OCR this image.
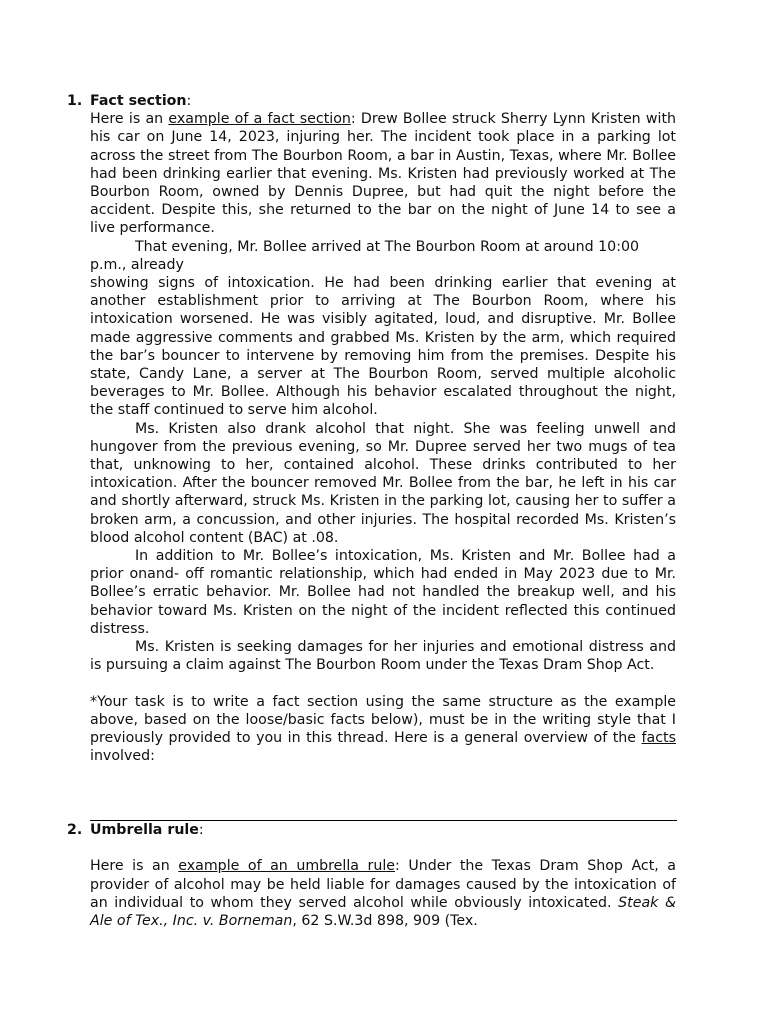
1. Fact section:

Here is an example of a fact section: Drew Bollee struck Sherry Lynn Kristen with his car on June 14, 2023, injuring her. The incident took place in a parking lot across the street from The Bourbon Room, a bar in Austin, Texas, where Mr. Bollee had been drinking earlier that evening. Ms. Kristen had previously worked at The Bourbon Room, owned by Dennis Dupree, but had quit the night before the accident. Despite this, she returned to the bar on the night of June 14 to see a live performance.

That evening, Mr. Bollee arrived at The Bourbon Room at around 10:00 p.m., already

showing signs of intoxication. He had been drinking earlier that evening at another establishment prior to arriving at The Bourbon Room, where his intoxication worsened. He was visibly agitated, loud, and disruptive. Mr. Bollee made aggressive comments and grabbed Ms. Kristen by the arm, which required the bar’s bouncer to intervene by removing him from the premises. Despite his state, Candy Lane, a server at The Bourbon Room, served multiple alcoholic beverages to Mr. Bollee. Although his behavior escalated throughout the night, the staff continued to serve him alcohol.

Ms. Kristen also drank alcohol that night. She was feeling unwell and hungover from the previous evening, so Mr. Dupree served her two mugs of tea that, unknowing to her, contained alcohol. These drinks contributed to her intoxication. After the bouncer removed Mr. Bollee from the bar, he left in his car and shortly afterward, struck Ms. Kristen in the parking lot, causing her to suffer a broken arm, a concussion, and other injuries. The hospital recorded Ms. Kristen’s blood alcohol content (BAC) at .08.

In addition to Mr. Bollee’s intoxication, Ms. Kristen and Mr. Bollee had a prior onand- off romantic relationship, which had ended in May 2023 due to Mr. Bollee’s erratic behavior. Mr. Bollee had not handled the breakup well, and his behavior toward Ms. Kristen on the night of the incident reflected this continued distress.

Ms. Kristen is seeking damages for her injuries and emotional distress and is pursuing a claim against The Bourbon Room under the Texas Dram Shop Act.

*Your task is to write a fact section using the same structure as the example above, based on the loose/basic facts below), must be in the writing style that I previously provided to you in this thread. Here is a general overview of the facts involved:

2. Umbrella rule:

Here is an example of an umbrella rule: Under the Texas Dram Shop Act, a provider of alcohol may be held liable for damages caused by the intoxication of an individual to whom they served alcohol while obviously intoxicated. Steak & Ale of Tex., Inc. v. Borneman, 62 S.W.3d 898, 909 (Tex.
